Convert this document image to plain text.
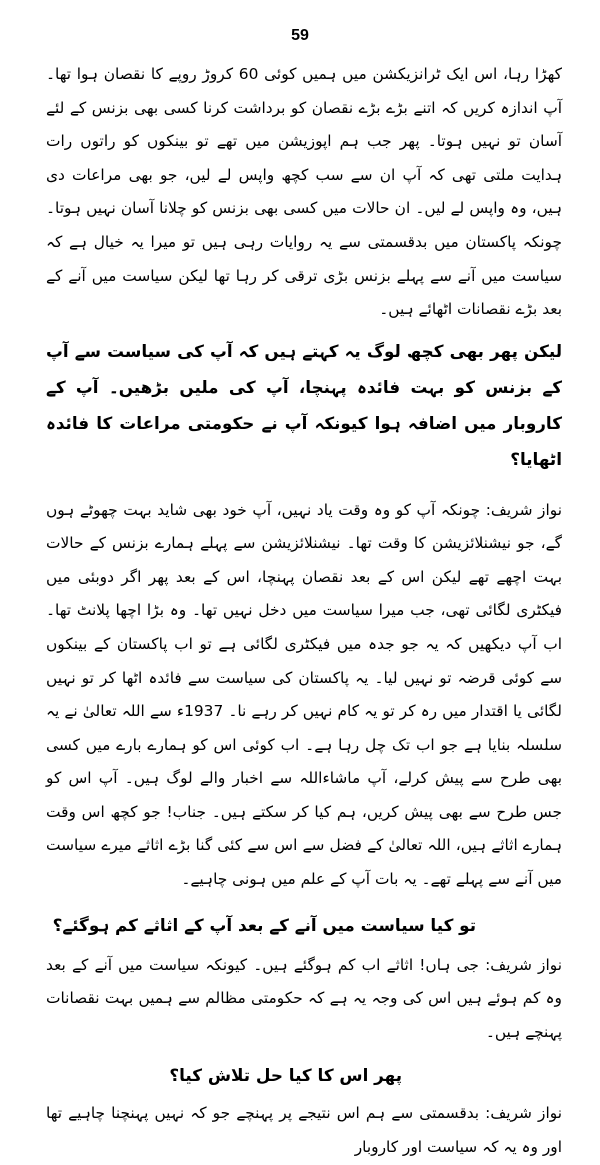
59

کھڑا رہا، اس ایک ٹرانزیکشن میں ہمیں کوئی 60 کروڑ روپے کا نقصان ہوا تھا۔ آپ اندازہ کریں کہ اتنے بڑے بڑے نقصان کو برداشت کرنا کسی بھی بزنس کے لئے آسان تو نہیں ہوتا۔ پھر جب ہم اپوزیشن میں تھے تو بینکوں کو راتوں رات ہدایت ملتی تھی کہ آپ ان سے سب کچھ واپس لے لیں، جو بھی مراعات دی ہیں، وہ واپس لے لیں۔ ان حالات میں کسی بھی بزنس کو چلانا آسان نہیں ہوتا۔ چونکہ پاکستان میں بدقسمتی سے یہ روایات رہی ہیں تو میرا یہ خیال ہے کہ سیاست میں آنے سے پہلے بزنس بڑی ترقی کر رہا تھا لیکن سیاست میں آنے کے بعد بڑے نقصانات اٹھائے ہیں۔

لیکن پھر بھی کچھ لوگ یہ کہتے ہیں کہ آپ کی سیاست سے آپ کے بزنس کو بہت فائدہ پہنچا، آپ کی ملیں بڑھیں۔ آپ کے کاروبار میں اضافہ ہوا کیونکہ آپ نے حکومتی مراعات کا فائدہ اٹھایا؟

نواز شریف: چونکہ آپ کو وہ وقت یاد نہیں، آپ خود بھی شاید بہت چھوٹے ہوں گے، جو نیشنلائزیشن کا وقت تھا۔ نیشنلائزیشن سے پہلے ہمارے بزنس کے حالات بہت اچھے تھے لیکن اس کے بعد نقصان پہنچا، اس کے بعد پھر اگر دوبئی میں فیکٹری لگائی تھی، جب میرا سیاست میں دخل نہیں تھا۔ وہ بڑا اچھا پلانٹ تھا۔ اب آپ دیکھیں کہ یہ جو جدہ میں فیکٹری لگائی ہے تو اب پاکستان کے بینکوں سے کوئی قرضہ تو نہیں لیا۔ یہ پاکستان کی سیاست سے فائدہ اٹھا کر تو نہیں لگائی یا اقتدار میں رہ کر تو یہ کام نہیں کر رہے نا۔ 1937ء سے اللہ تعالیٰ نے یہ سلسلہ بنایا ہے جو اب تک چل رہا ہے۔ اب کوئی اس کو ہمارے بارے میں کسی بھی طرح سے پیش کرلے، آپ ماشاءاللہ سے اخبار والے لوگ ہیں۔ آپ اس کو جس طرح سے بھی پیش کریں، ہم کیا کر سکتے ہیں۔ جناب! جو کچھ اس وقت ہمارے اثاثے ہیں، اللہ تعالیٰ کے فضل سے اس سے کئی گنا بڑے اثاثے میرے سیاست میں آنے سے پہلے تھے۔ یہ بات آپ کے علم میں ہونی چاہیے۔

تو کیا سیاست میں آنے کے بعد آپ کے اثاثے کم ہوگئے؟

نواز شریف: جی ہاں! اثاثے اب کم ہوگئے ہیں۔ کیونکہ سیاست میں آنے کے بعد وہ کم ہوئے ہیں اس کی وجہ یہ ہے کہ حکومتی مظالم سے ہمیں بہت نقصانات پہنچے ہیں۔

پھر اس کا کیا حل تلاش کیا؟

نواز شریف: بدقسمتی سے ہم اس نتیجے پر پہنچے جو کہ نہیں پہنچنا چاہیے تھا اور وہ یہ کہ سیاست اور کاروبار
